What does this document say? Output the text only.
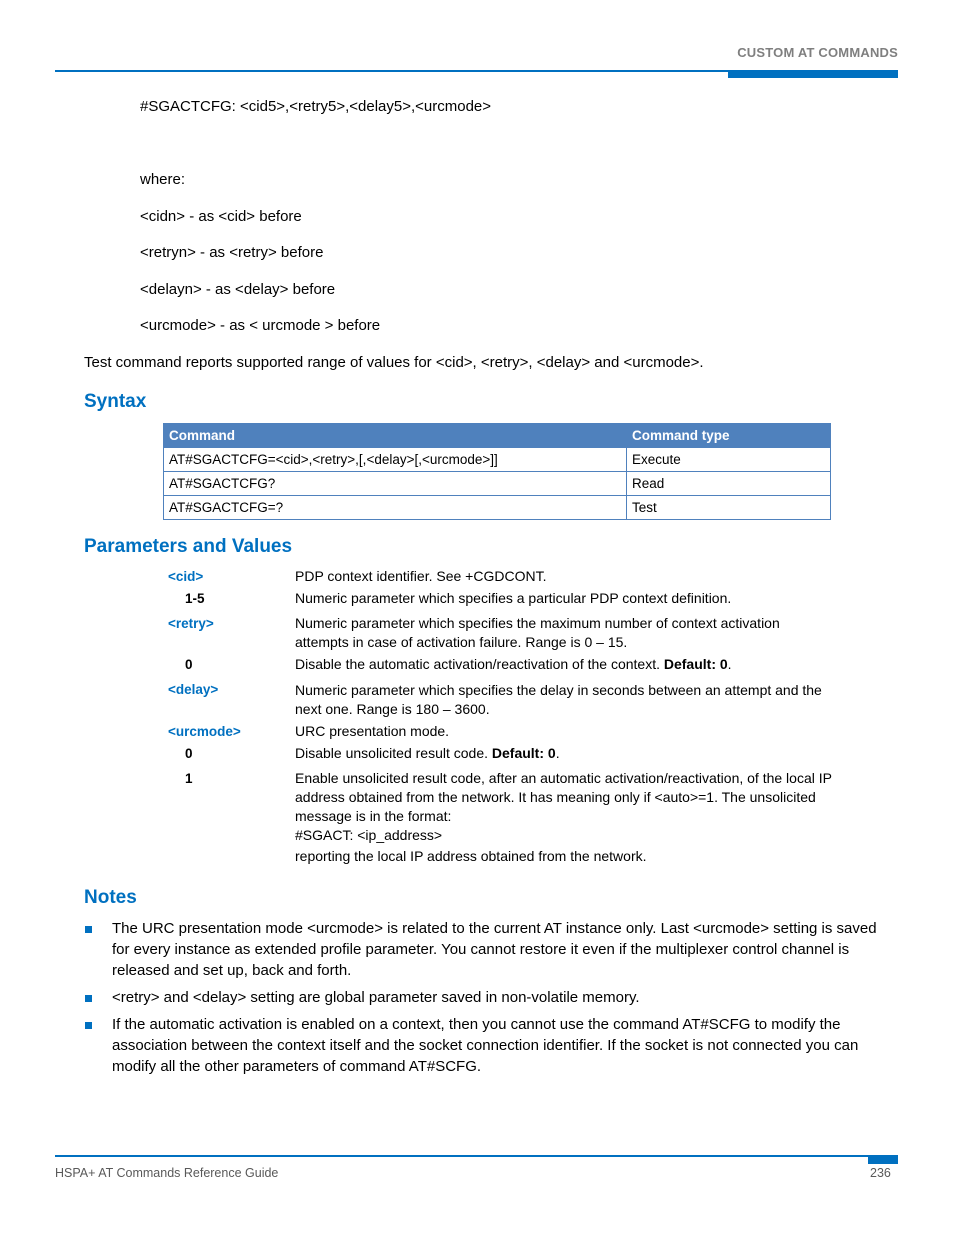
CUSTOM AT COMMANDS
#SGACTCFG: <cid5>,<retry5>,<delay5>,<urcmode>
where:
<cidn> - as <cid> before
<retryn> - as <retry> before
<delayn> - as <delay> before
<urcmode> - as < urcmode > before
Test command reports supported range of values for <cid>, <retry>, <delay> and <urcmode>.
Syntax
Command	Command type
AT#SGACTCFG=<cid>,<retry>,[,<delay>[,<urcmode>]]	Execute
AT#SGACTCFG?	Read
AT#SGACTCFG=?	Test
Parameters and Values
<cid>	PDP context identifier. See +CGDCONT.
1-5	Numeric parameter which specifies a particular PDP context definition.
<retry>	Numeric parameter which specifies the maximum number of context activation attempts in case of activation failure. Range is 0 – 15.
0	Disable the automatic activation/reactivation of the context. Default: 0.
<delay>	Numeric parameter which specifies the delay in seconds between an attempt and the next one. Range is 180 – 3600.
<urcmode>	URC presentation mode.
0	Disable unsolicited result code. Default: 0.
1	Enable unsolicited result code, after an automatic activation/reactivation, of the local IP address obtained from the network. It has meaning only if <auto>=1. The unsolicited message is in the format:
#SGACT: <ip_address>
reporting the local IP address obtained from the network.
Notes
The URC presentation mode <urcmode> is related to the current AT instance only. Last <urcmode> setting is saved for every instance as extended profile parameter. You cannot restore it even if the multiplexer control channel is released and set up, back and forth.
<retry> and <delay> setting are global parameter saved in non-volatile memory.
If the automatic activation is enabled on a context, then you cannot use the command AT#SCFG to modify the association between the context itself and the socket connection identifier. If the socket is not connected you can modify all the other parameters of command AT#SCFG.
HSPA+ AT Commands Reference Guide	236
